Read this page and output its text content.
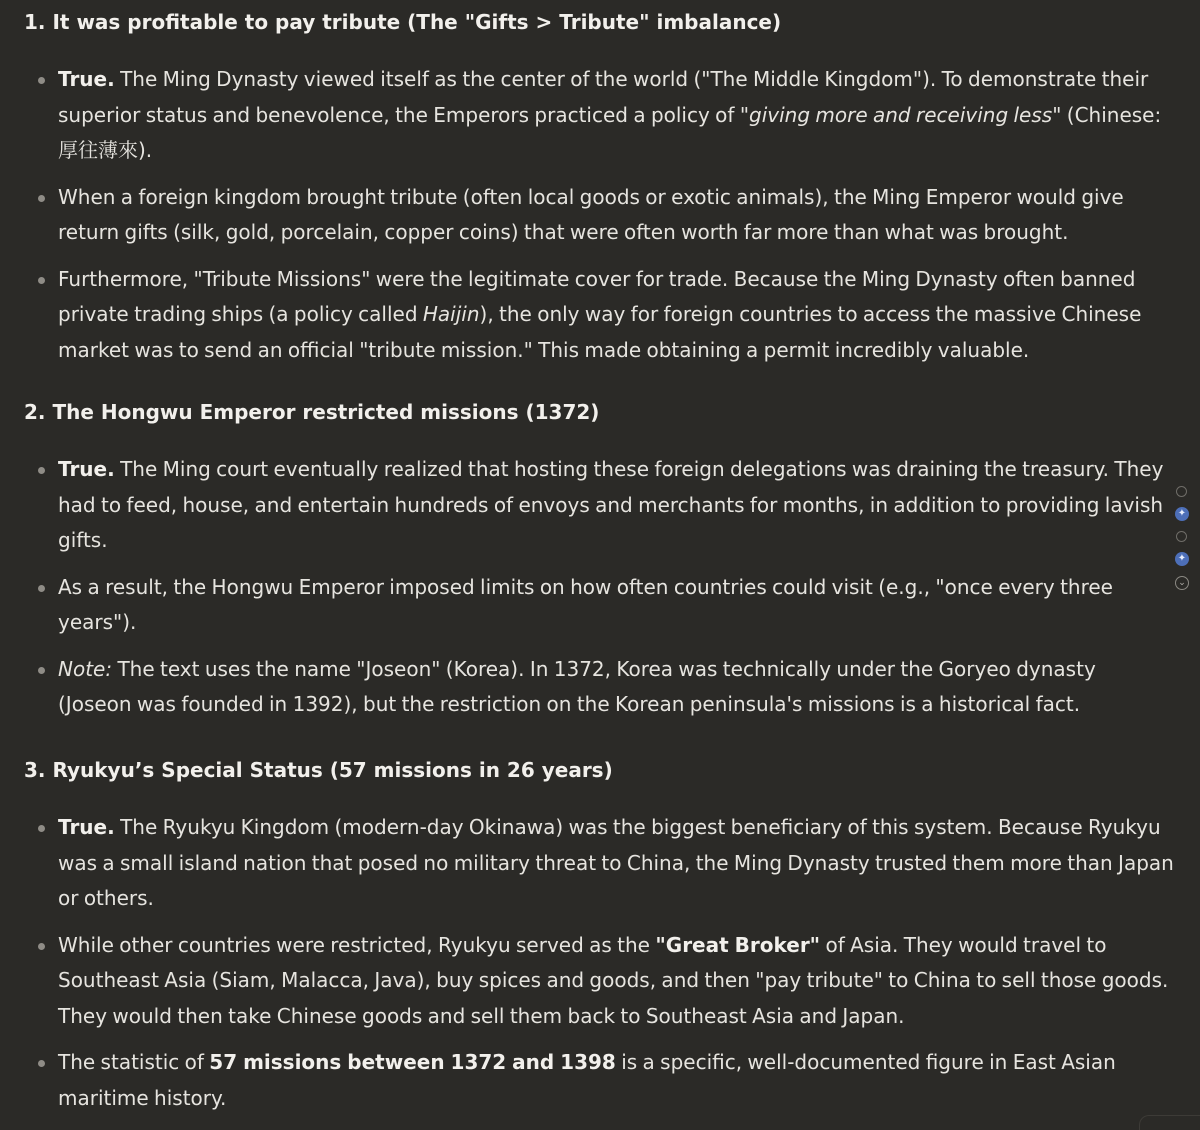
1. It was profitable to pay tribute (The "Gifts > Tribute" imbalance)
True. The Ming Dynasty viewed itself as the center of the world ("The Middle Kingdom"). To demonstrate their superior status and benevolence, the Emperors practiced a policy of "giving more and receiving less" (Chinese: 厚往薄來).
When a foreign kingdom brought tribute (often local goods or exotic animals), the Ming Emperor would give return gifts (silk, gold, porcelain, copper coins) that were often worth far more than what was brought.
Furthermore, "Tribute Missions" were the legitimate cover for trade. Because the Ming Dynasty often banned private trading ships (a policy called Haijin), the only way for foreign countries to access the massive Chinese market was to send an official "tribute mission." This made obtaining a permit incredibly valuable.
2. The Hongwu Emperor restricted missions (1372)
True. The Ming court eventually realized that hosting these foreign delegations was draining the treasury. They had to feed, house, and entertain hundreds of envoys and merchants for months, in addition to providing lavish gifts.
As a result, the Hongwu Emperor imposed limits on how often countries could visit (e.g., "once every three years").
Note: The text uses the name "Joseon" (Korea). In 1372, Korea was technically under the Goryeo dynasty (Joseon was founded in 1392), but the restriction on the Korean peninsula's missions is a historical fact.
3. Ryukyu’s Special Status (57 missions in 26 years)
True. The Ryukyu Kingdom (modern-day Okinawa) was the biggest beneficiary of this system. Because Ryukyu was a small island nation that posed no military threat to China, the Ming Dynasty trusted them more than Japan or others.
While other countries were restricted, Ryukyu served as the "Great Broker" of Asia. They would travel to Southeast Asia (Siam, Malacca, Java), buy spices and goods, and then "pay tribute" to China to sell those goods. They would then take Chinese goods and sell them back to Southeast Asia and Japan.
The statistic of 57 missions between 1372 and 1398 is a specific, well-documented figure in East Asian maritime history.
✦
✦
⌄
